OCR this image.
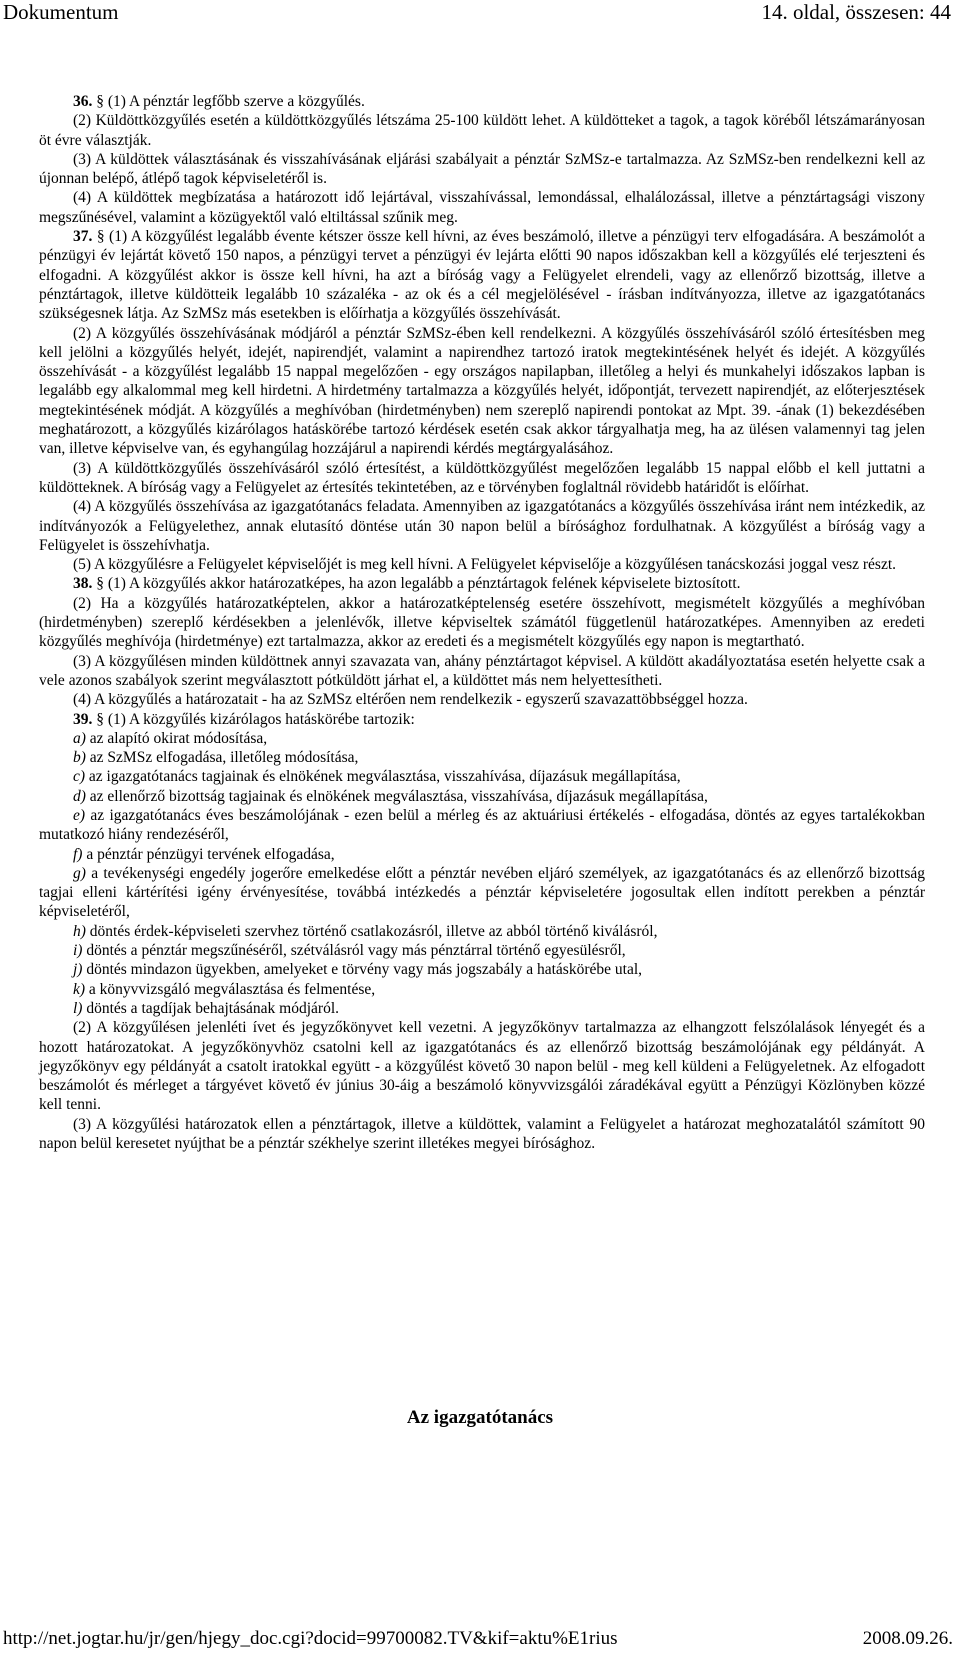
Dokumentum	14. oldal, összesen: 44

36. § (1) A pénztár legfőbb szerve a közgyűlés.

(2) Küldöttközgyűlés esetén a küldöttközgyűlés létszáma 25-100 küldött lehet. A küldötteket a tagok, a tagok köréből létszámarányosan öt évre választják.

(3) A küldöttek választásának és visszahívásának eljárási szabályait a pénztár SzMSz-e tartalmazza. Az SzMSz-ben rendelkezni kell az újonnan belépő, átlépő tagok képviseletéről is.

(4) A küldöttek megbízatása a határozott idő lejártával, visszahívással, lemondással, elhalálozással, illetve a pénztártagsági viszony megszűnésével, valamint a közügyektől való eltiltással szűnik meg.

37. § (1) A közgyűlést legalább évente kétszer össze kell hívni, az éves beszámoló, illetve a pénzügyi terv elfogadására. A beszámolót a pénzügyi év lejártát követő 150 napos, a pénzügyi tervet a pénzügyi év lejárta előtti 90 napos időszakban kell a közgyűlés elé terjeszteni és elfogadni. A közgyűlést akkor is össze kell hívni, ha azt a bíróság vagy a Felügyelet elrendeli, vagy az ellenőrző bizottság, illetve a pénztártagok, illetve küldötteik legalább 10 százaléka - az ok és a cél megjelölésével - írásban indítványozza, illetve az igazgatótanács szükségesnek látja. Az SzMSz más esetekben is előírhatja a közgyűlés összehívását.

(2) A közgyűlés összehívásának módjáról a pénztár SzMSz-ében kell rendelkezni. A közgyűlés összehívásáról szóló értesítésben meg kell jelölni a közgyűlés helyét, idejét, napirendjét, valamint a napirendhez tartozó iratok megtekintésének helyét és idejét. A közgyűlés összehívását - a közgyűlést legalább 15 nappal megelőzően - egy országos napilapban, illetőleg a helyi és munkahelyi időszakos lapban is legalább egy alkalommal meg kell hirdetni. A hirdetmény tartalmazza a közgyűlés helyét, időpontját, tervezett napirendjét, az előterjesztések megtekintésének módját. A közgyűlés a meghívóban (hirdetményben) nem szereplő napirendi pontokat az Mpt. 39. -ának (1) bekezdésében meghatározott, a közgyűlés kizárólagos hatáskörébe tartozó kérdések esetén csak akkor tárgyalhatja meg, ha az ülésen valamennyi tag jelen van, illetve képviselve van, és egyhangúlag hozzájárul a napirendi kérdés megtárgyalásához.

(3) A küldöttközgyűlés összehívásáról szóló értesítést, a küldöttközgyűlést megelőzően legalább 15 nappal előbb el kell juttatni a küldötteknek. A bíróság vagy a Felügyelet az értesítés tekintetében, az e törvényben foglaltnál rövidebb határidőt is előírhat.

(4) A közgyűlés összehívása az igazgatótanács feladata. Amennyiben az igazgatótanács a közgyűlés összehívása iránt nem intézkedik, az indítványozók a Felügyelethez, annak elutasító döntése után 30 napon belül a bírósághoz fordulhatnak. A közgyűlést a bíróság vagy a Felügyelet is összehívhatja.

(5) A közgyűlésre a Felügyelet képviselőjét is meg kell hívni. A Felügyelet képviselője a közgyűlésen tanácskozási joggal vesz részt.

38. § (1) A közgyűlés akkor határozatképes, ha azon legalább a pénztártagok felének képviselete biztosított.

(2) Ha a közgyűlés határozatképtelen, akkor a határozatképtelenség esetére összehívott, megismételt közgyűlés a meghívóban (hirdetményben) szereplő kérdésekben a jelenlévők, illetve képviseltek számától függetlenül határozatképes. Amennyiben az eredeti közgyűlés meghívója (hirdetménye) ezt tartalmazza, akkor az eredeti és a megismételt közgyűlés egy napon is megtartható.

(3) A közgyűlésen minden küldöttnek annyi szavazata van, ahány pénztártagot képvisel. A küldött akadályoztatása esetén helyette csak a vele azonos szabályok szerint megválasztott pótküldött járhat el, a küldöttet más nem helyettesítheti.

(4) A közgyűlés a határozatait - ha az SzMSz eltérően nem rendelkezik - egyszerű szavazattöbbséggel hozza.

39. § (1) A közgyűlés kizárólagos hatáskörébe tartozik:

a) az alapító okirat módosítása,

b) az SzMSz elfogadása, illetőleg módosítása,

c) az igazgatótanács tagjainak és elnökének megválasztása, visszahívása, díjazásuk megállapítása,

d) az ellenőrző bizottság tagjainak és elnökének megválasztása, visszahívása, díjazásuk megállapítása,

e) az igazgatótanács éves beszámolójának - ezen belül a mérleg és az aktuáriusi értékelés - elfogadása, döntés az egyes tartalékokban mutatkozó hiány rendezéséről,

f) a pénztár pénzügyi tervének elfogadása,

g) a tevékenységi engedély jogerőre emelkedése előtt a pénztár nevében eljáró személyek, az igazgatótanács és az ellenőrző bizottság tagjai elleni kártérítési igény érvényesítése, továbbá intézkedés a pénztár képviseletére jogosultak ellen indított perekben a pénztár képviseletéről,

h) döntés érdek-képviseleti szervhez történő csatlakozásról, illetve az abból történő kiválásról,

i) döntés a pénztár megszűnéséről, szétválásról vagy más pénztárral történő egyesülésről,

j) döntés mindazon ügyekben, amelyeket e törvény vagy más jogszabály a hatáskörébe utal,

k) a könyvvizsgáló megválasztása és felmentése,

l) döntés a tagdíjak behajtásának módjáról.

(2) A közgyűlésen jelenléti ívet és jegyzőkönyvet kell vezetni. A jegyzőkönyv tartalmazza az elhangzott felszólalások lényegét és a hozott határozatokat. A jegyzőkönyvhöz csatolni kell az igazgatótanács és az ellenőrző bizottság beszámolójának egy példányát. A jegyzőkönyv egy példányát a csatolt iratokkal együtt - a közgyűlést követő 30 napon belül - meg kell küldeni a Felügyeletnek. Az elfogadott beszámolót és mérleget a tárgyévet követő év június 30-áig a beszámoló könyvvizsgálói záradékával együtt a Pénzügyi Közlönyben közzé kell tenni.

(3) A közgyűlési határozatok ellen a pénztártagok, illetve a küldöttek, valamint a Felügyelet a határozat meghozatalától számított 90 napon belül keresetet nyújthat be a pénztár székhelye szerint illetékes megyei bírósághoz.

Az igazgatótanács
http://net.jogtar.hu/jr/gen/hjegy_doc.cgi?docid=99700082.TV&kif=aktu%E1rius	2008.09.26.
